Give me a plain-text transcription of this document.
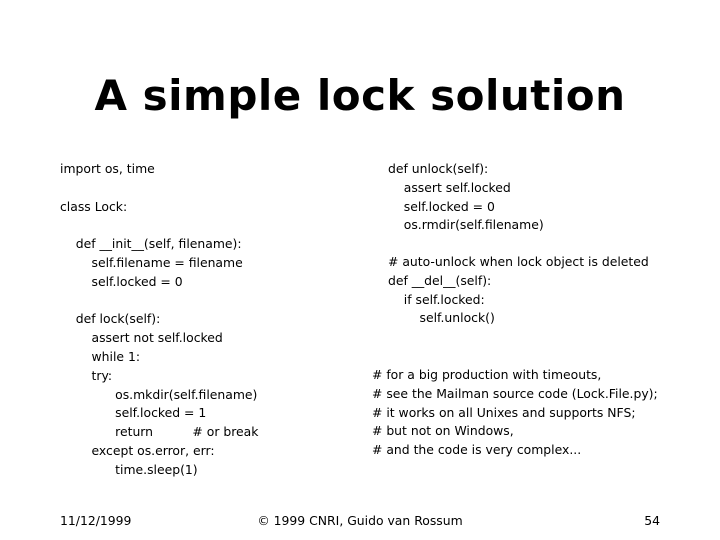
A simple lock solution
import os, time
class Lock:
def __init__(self, filename):
self.filename = filename
self.locked = 0
def lock(self):
assert not self.locked
while 1:
try:
os.mkdir(self.filename)
self.locked = 1
return          # or break
except os.error, err:
time.sleep(1)
def unlock(self):
assert self.locked
self.locked = 0
os.rmdir(self.filename)
# auto-unlock when lock object is deleted
def __del__(self):
if self.locked:
self.unlock()
# for a big production with timeouts,
# see the Mailman source code (Lock.File.py);
# it works on all Unixes and supports NFS;
# but not on Windows,
# and the code is very complex...
© 1999 CNRI, Guido van Rossum
11/12/1999	54
